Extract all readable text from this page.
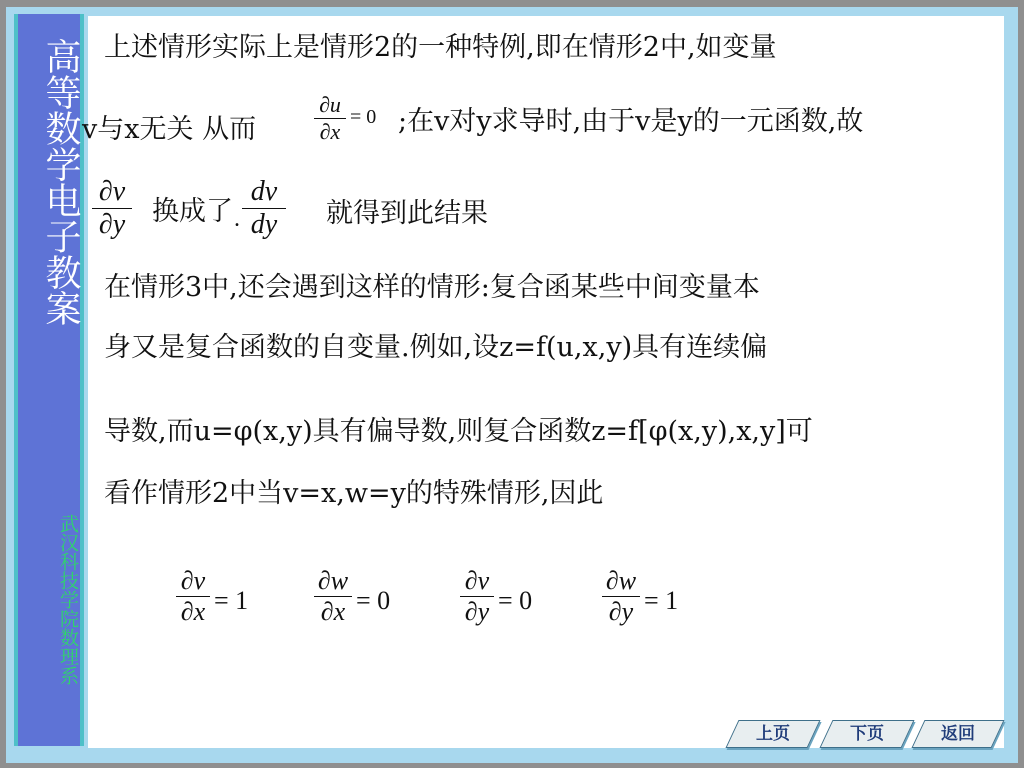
高等数学电子教案
武汉科技学院数理系
上述情形实际上是情形2的一种特例,即在情形2中,如变量
v与x无关 从而
∂u
∂x
= 0 ;在v对y求导时,由于v是y的一元函数,故
∂v
∂y 换成了 .
dv
dy	就得到此结果
在情形3中,还会遇到这样的情形:复合函某些中间变量本
身又是复合函数的自变量.例如,设z=f(u,x,y)具有连续偏
导数,而u=φ(x,y)具有偏导数,则复合函数z=f[φ(x,y),x,y]可
看作情形2中当v=x,w=y的特殊情形,因此
∂v
∂x = 1
∂w
∂x = 0
∂v
∂y = 0
∂w
∂y = 1
上页	下页	返回
